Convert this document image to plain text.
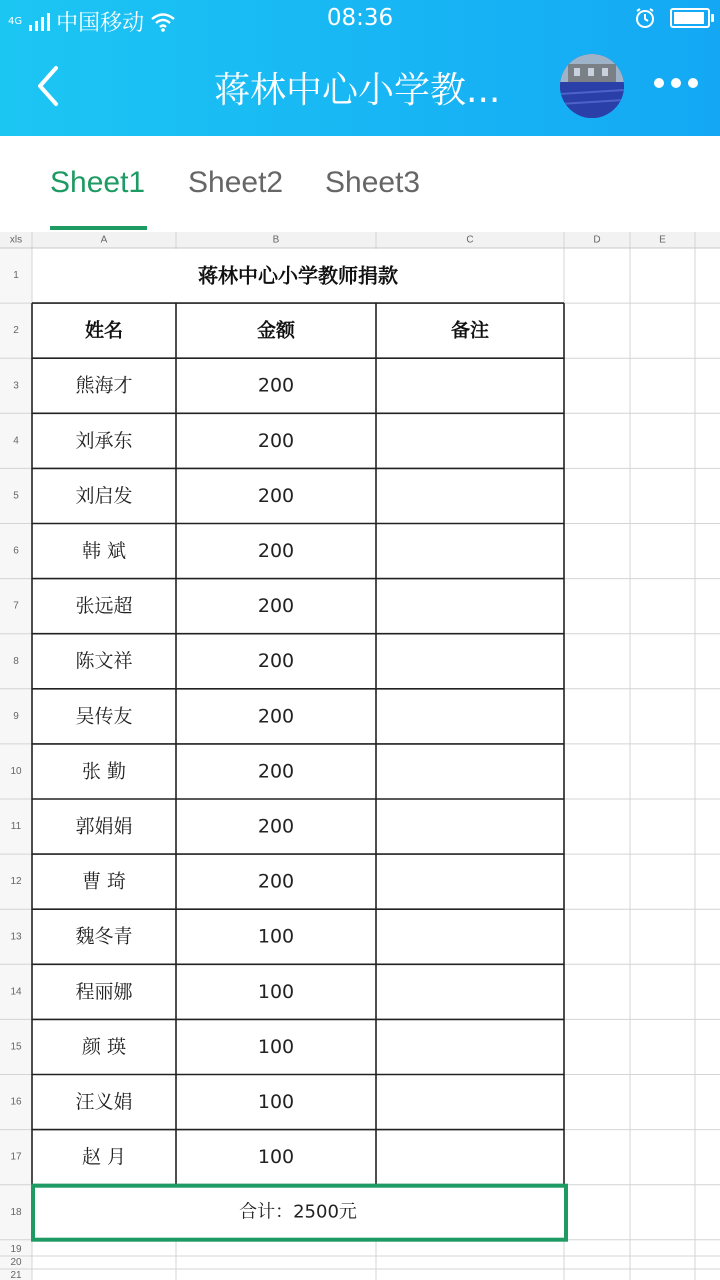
4G 中国移动	08:36
蒋林中心小学教...
Sheet1 Sheet2 Sheet3
xls	A	B	C	D	E
1
2
3
4
5
6
7
8
9
10
11
12
13
14
15
16
17
18
19
20
21
蒋林中心小学教师捐款
姓名	金额	备注
熊海才	200
刘承东	200
刘启发	200
韩 斌	200
张远超	200
陈文祥	200
吴传友	200
张 勤	200
郭娟娟	200
曹 琦	200
魏冬青	100
程丽娜	100
颜 瑛	100
汪义娟	100
赵 月	100
合计：2500元
